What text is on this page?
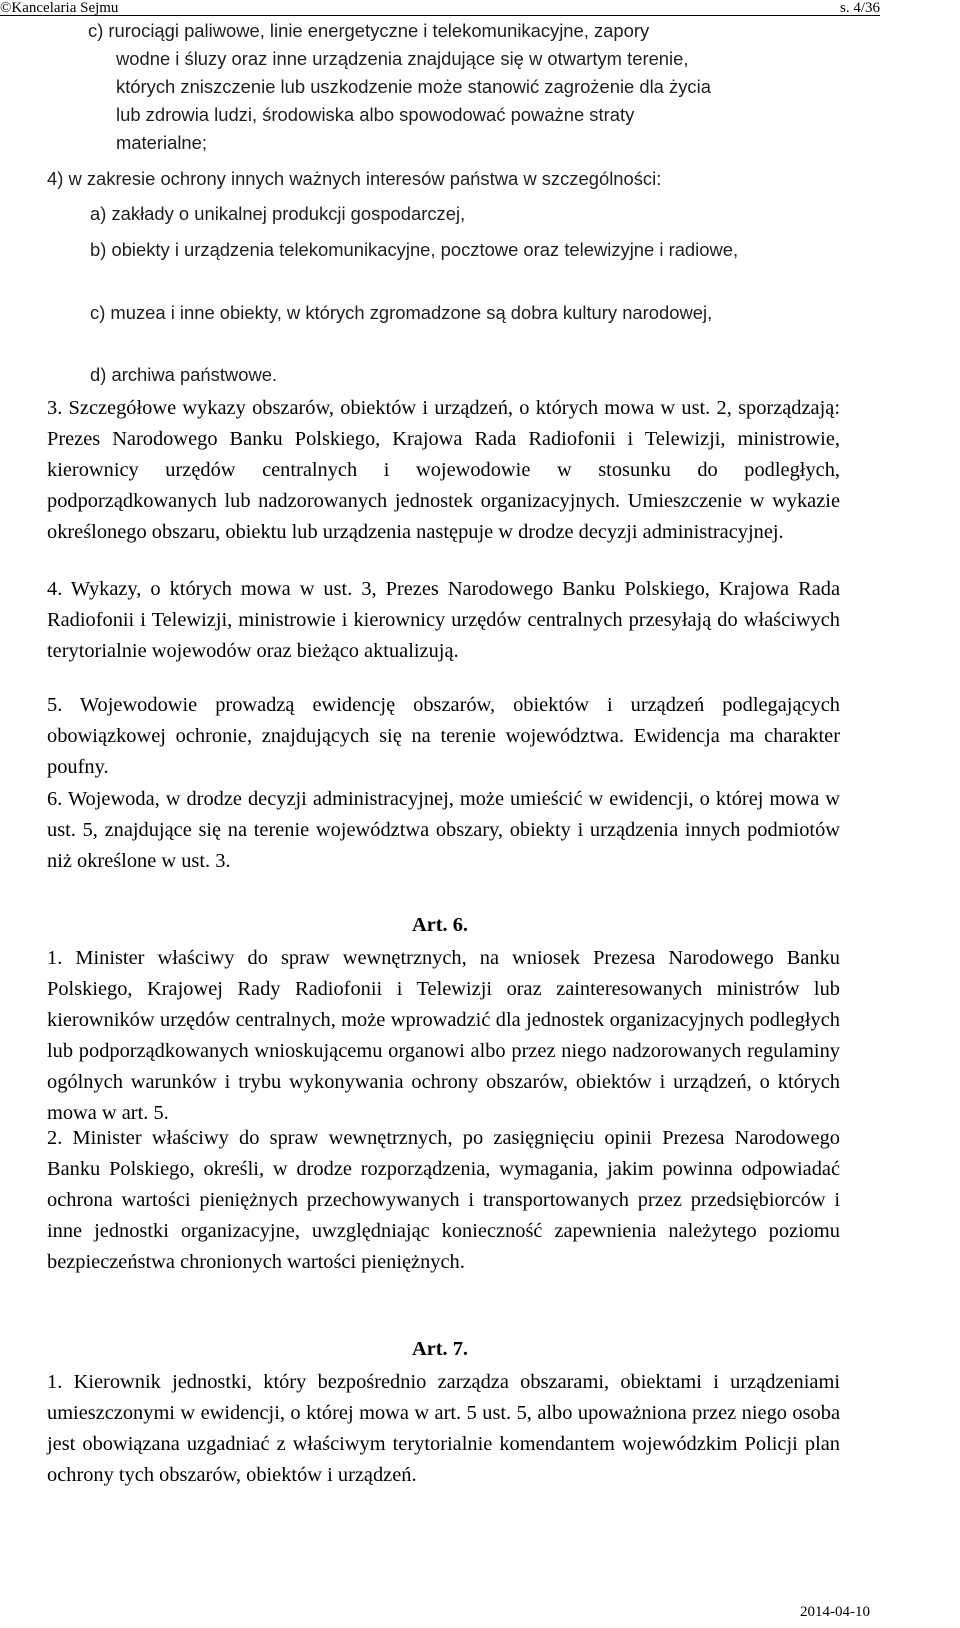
©Kancelaria Sejmu	s. 4/36
c) rurociągi paliwowe, linie energetyczne i telekomunikacyjne, zapory
wodne i śluzy oraz inne urządzenia znajdujące się w otwartym terenie,
których zniszczenie lub uszkodzenie może stanowić zagrożenie dla życia
lub zdrowia ludzi, środowiska albo spowodować poważne straty
materialne;
4) w zakresie ochrony innych ważnych interesów państwa w szczególności:
a) zakłady o unikalnej produkcji gospodarczej,
b) obiekty i urządzenia telekomunikacyjne, pocztowe oraz telewizyjne i radiowe,
c) muzea i inne obiekty, w których zgromadzone są dobra kultury narodowej,
d) archiwa państwowe.
3. Szczegółowe wykazy obszarów, obiektów i urządzeń, o których mowa w ust. 2, sporządzają: Prezes Narodowego Banku Polskiego, Krajowa Rada Radiofonii i Telewizji, ministrowie, kierownicy urzędów centralnych i wojewodowie w stosunku do podległych, podporządkowanych lub nadzorowanych jednostek organizacyjnych. Umieszczenie w wykazie określonego obszaru, obiektu lub urządzenia następuje w drodze decyzji administracyjnej.
4. Wykazy, o których mowa w ust. 3, Prezes Narodowego Banku Polskiego, Krajowa Rada Radiofonii i Telewizji, ministrowie i kierownicy urzędów centralnych przesyłają do właściwych terytorialnie wojewodów oraz bieżąco aktualizują.
5. Wojewodowie prowadzą ewidencję obszarów, obiektów i urządzeń podlegających obowiązkowej ochronie, znajdujących się na terenie województwa. Ewidencja ma charakter poufny.
6. Wojewoda, w drodze decyzji administracyjnej, może umieścić w ewidencji, o której mowa w ust. 5, znajdujące się na terenie województwa obszary, obiekty i urządzenia innych podmiotów niż określone w ust. 3.
Art. 6.
1. Minister właściwy do spraw wewnętrznych, na wniosek Prezesa Narodowego Banku Polskiego, Krajowej Rady Radiofonii i Telewizji oraz zainteresowanych ministrów lub kierowników urzędów centralnych, może wprowadzić dla jednostek organizacyjnych podległych lub podporządkowanych wnioskującemu organowi albo przez niego nadzorowanych regulaminy ogólnych warunków i trybu wykonywania ochrony obszarów, obiektów i urządzeń, o których mowa w art. 5.
2. Minister właściwy do spraw wewnętrznych, po zasięgnięciu opinii Prezesa Narodowego Banku Polskiego, określi, w drodze rozporządzenia, wymagania, jakim powinna odpowiadać ochrona wartości pieniężnych przechowywanych i transportowanych przez przedsiębiorców i inne jednostki organizacyjne, uwzględniając konieczność zapewnienia należytego poziomu bezpieczeństwa chronionych wartości pieniężnych.
Art. 7.
1. Kierownik jednostki, który bezpośrednio zarządza obszarami, obiektami i urządzeniami umieszczonymi w ewidencji, o której mowa w art. 5 ust. 5, albo upoważniona przez niego osoba jest obowiązana uzgadniać z właściwym terytorialnie komendantem wojewódzkim Policji plan ochrony tych obszarów, obiektów i urządzeń.
2014-04-10
